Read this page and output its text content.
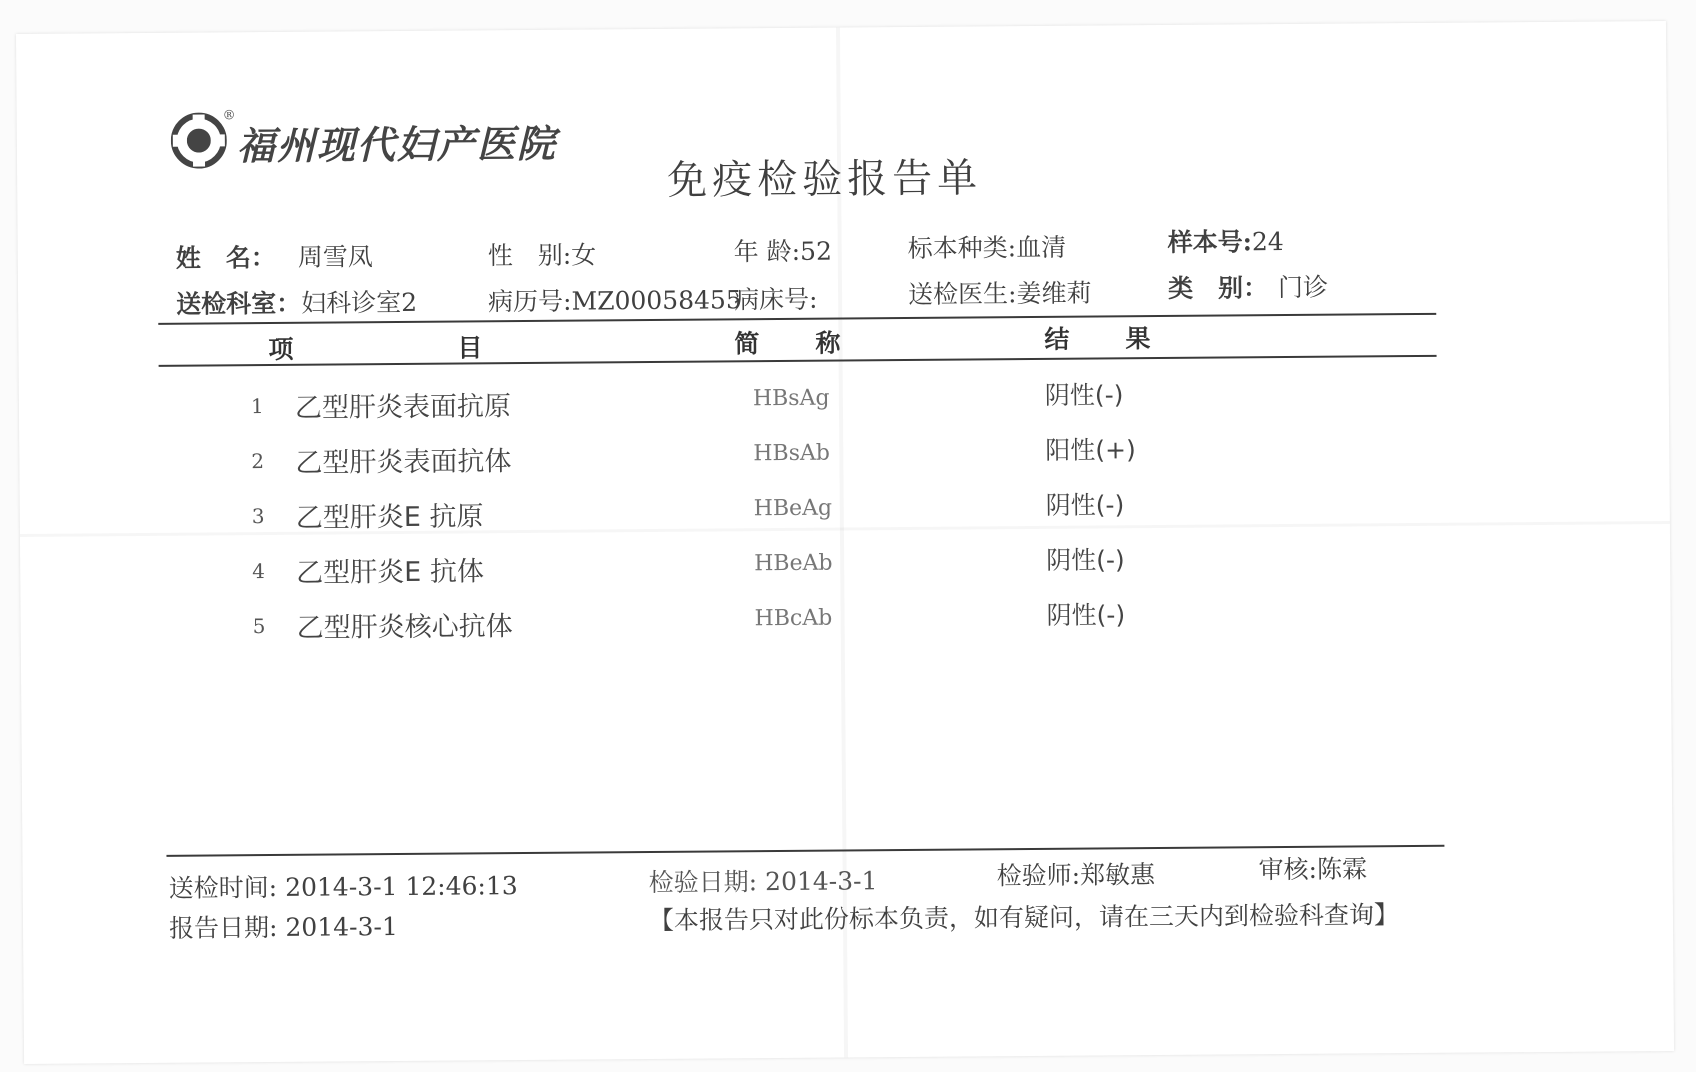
®
福州现代妇产医院
免疫检验报告单
姓　名： 周雪凤	性　别:女	年 龄:52	标本种类:血清	样本号:24
送检科室：妇科诊室2	病历号:MZ00058455
病床号:	送检医生:姜维莉	类　别： 门诊
项　　　　　　目	简　　称	结　　果
1 乙型肝炎表面抗原	HBsAg	阴性(-)
2 乙型肝炎表面抗体	HBsAb	阳性(+)
3 乙型肝炎E 抗原	HBeAg	阴性(-)
4 乙型肝炎E 抗体	HBeAb	阴性(-)
5 乙型肝炎核心抗体	HBcAb	阴性(-)
送检时间: 2014-3-1 12:46:13	检验日期: 2014-3-1	检验师:郑敏惠	审核:陈霖
报告日期: 2014-3-1	【本报告只对此份标本负责，如有疑问，请在三天内到检验科查询】
